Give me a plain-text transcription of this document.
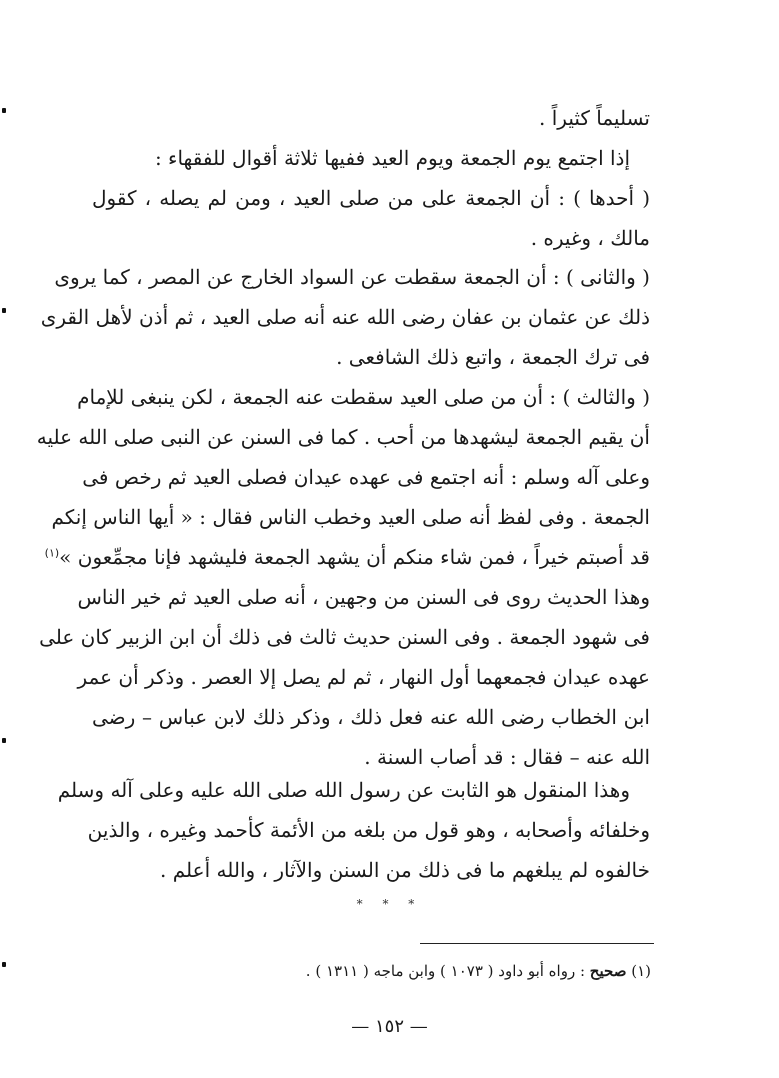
تسليماً كثيراً .
إذا اجتمع يوم الجمعة ويوم العيد ففيها ثلاثة أقوال للفقهاء :
( أحدها ) : أن الجمعة على من صلى العيد ، ومن لم يصله ، كقول
مالك ، وغيره .
( والثانى ) : أن الجمعة سقطت عن السواد الخارج عن المصر ، كما يروى
ذلك عن عثمان بن عفان رضى الله عنه أنه صلى العيد ، ثم أذن لأهل القرى
فى ترك الجمعة ، واتبع ذلك الشافعى .
( والثالث ) : أن من صلى العيد سقطت عنه الجمعة ، لكن ينبغى للإمام
أن يقيم الجمعة ليشهدها من أحب . كما فى السنن عن النبى صلى الله عليه
وعلى آله وسلم : أنه اجتمع فى عهده عيدان فصلى العيد ثم رخص فى
الجمعة . وفى لفظ أنه صلى العيد وخطب الناس فقال : « أيها الناس إنكم
قد أصبتم خيراً ، فمن شاء منكم أن يشهد الجمعة فليشهد فإنا مجمِّعون »$^{(١)}$
وهذا الحديث روى فى السنن من وجهين ، أنه صلى العيد ثم خير الناس
فى شهود الجمعة . وفى السنن حديث ثالث فى ذلك أن ابن الزبير كان على
عهده عيدان فجمعهما أول النهار ، ثم لم يصل إلا العصر . وذكر أن عمر
ابن الخطاب رضى الله عنه فعل ذلك ، وذكر ذلك لابن عباس – رضى
الله عنه – فقال : قد أصاب السنة .
وهذا المنقول هو الثابت عن رسول الله صلى الله عليه وعلى آله وسلم
وخلفائه وأصحابه ، وهو قول من بلغه من الأئمة كأحمد وغيره ، والذين
خالفوه لم يبلغهم ما فى ذلك من السنن والآثار ، والله أعلم .
* * *
(١) صحيح : رواه أبو داود ( ١٠٧٣ ) وابن ماجه ( ١٣١١ ) .
— ١٥٢ —
